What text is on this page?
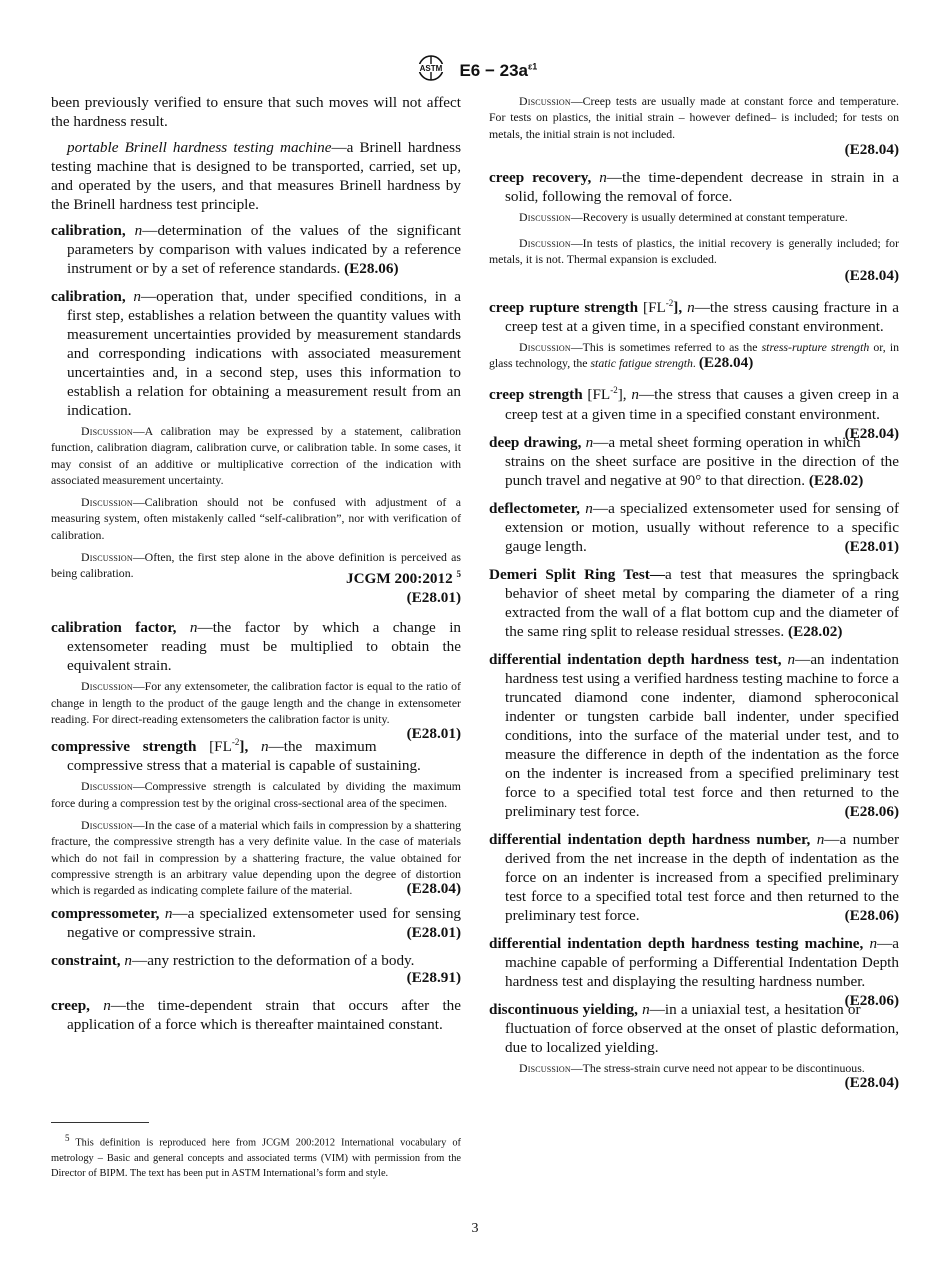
ASTM $E6 - 23a^{\varepsilon 1}$

been previously verified to ensure that such moves will not affect the hardness result.

portable Brinell hardness testing machine—a Brinell hardness testing machine that is designed to be transported, carried, set up, and operated by the users, and that measures Brinell hardness by the Brinell hardness test principle.

calibration, n—determination of the values of the significant parameters by comparison with values indicated by a reference instrument or by a set of reference standards. (E28.06)

calibration, n—operation that, under specified conditions, in a first step, establishes a relation between the quantity values with measurement uncertainties provided by measurement standards and corresponding indications with associated measurement uncertainties and, in a second step, uses this information to establish a relation for obtaining a measurement result from an indication.

Discussion—A calibration may be expressed by a statement, calibration function, calibration diagram, calibration curve, or calibration table. In some cases, it may consist of an additive or multiplicative correction of the indication with associated measurement uncertainty.

Discussion—Calibration should not be confused with adjustment of a measuring system, often mistakenly called “self-calibration”, nor with verification of calibration.

Discussion—Often, the first step alone in the above definition is perceived as being calibration.	JCGM 200:2012 $^5$

(E28.01)

calibration factor, n—the factor by which a change in extensometer reading must be multiplied to obtain the equivalent strain.

Discussion—For any extensometer, the calibration factor is equal to the ratio of change in length to the product of the gauge length and the change in extensometer reading. For direct-reading extensometers the calibration factor is unity.
(E28.01)

compressive strength $[FL^{-2}]$, n—the maximum compressive stress that a material is capable of sustaining.

Discussion—Compressive strength is calculated by dividing the maximum force during a compression test by the original cross-sectional area of the specimen.

Discussion—In the case of a material which fails in compression by a shattering fracture, the compressive strength has a very definite value. In the case of materials which do not fail in compression by a shattering fracture, the value obtained for compressive strength is an arbitrary value depending upon the degree of distortion which is regarded as indicating complete failure of the material.	(E28.04)

compressometer, n—a specialized extensometer used for sensing negative or compressive strain.	(E28.01)

constraint, n—any restriction to the deformation of a body.

(E28.91)

creep, n—the time-dependent strain that occurs after the application of a force which is thereafter maintained constant.

$^5$ This definition is reproduced here from JCGM 200:2012 International vocabulary of metrology – Basic and general concepts and associated terms (VIM) with permission from the Director of BIPM. The text has been put in ASTM International’s form and style.

Discussion—Creep tests are usually made at constant force and temperature. For tests on plastics, the initial strain – however defined– is included; for tests on metals, the initial strain is not included.

(E28.04)

creep recovery, n—the time-dependent decrease in strain in a solid, following the removal of force.

Discussion—Recovery is usually determined at constant temperature.

Discussion—In tests of plastics, the initial recovery is generally included; for metals, it is not. Thermal expansion is excluded.

(E28.04)

creep rupture strength $[FL^{-2}]$, n—the stress causing fracture in a creep test at a given time, in a specified constant environment.

Discussion—This is sometimes referred to as the stress-rupture strength or, in glass technology, the static fatigue strength. (E28.04)

creep strength $[FL^{-2}]$, n—the stress that causes a given creep in a creep test at a given time in a specified constant environment.
(E28.04)

deep drawing, n—a metal sheet forming operation in which strains on the sheet surface are positive in the direction of the punch travel and negative at 90° to that direction. (E28.02)

deflectometer, n—a specialized extensometer used for sensing of extension or motion, usually without reference to a specific gauge length.	(E28.01)

Demeri Split Ring Test—a test that measures the springback behavior of sheet metal by comparing the diameter of a ring extracted from the wall of a flat bottom cup and the diameter of the same ring split to release residual stresses. (E28.02)

differential indentation depth hardness test, n—an indentation hardness test using a verified hardness testing machine to force a truncated diamond cone indenter, diamond spheroconical indenter or tungsten carbide ball indenter, under specified conditions, into the surface of the material under test, and to measure the difference in depth of the indentation as the force on the indenter is increased from a specified preliminary test force to a specified total test force and then returned to the preliminary test force.	(E28.06)

differential indentation depth hardness number, n—a number derived from the net increase in the depth of indentation as the force on an indenter is increased from a specified preliminary test force to a specified total test force and then returned to the preliminary test force.	(E28.06)

differential indentation depth hardness testing machine, n—a machine capable of performing a Differential Indentation Depth hardness test and displaying the resulting hardness number.
(E28.06)

discontinuous yielding, n—in a uniaxial test, a hesitation or fluctuation of force observed at the onset of plastic deformation, due to localized yielding.

Discussion—The stress-strain curve need not appear to be discontinuous.
(E28.04)

3
